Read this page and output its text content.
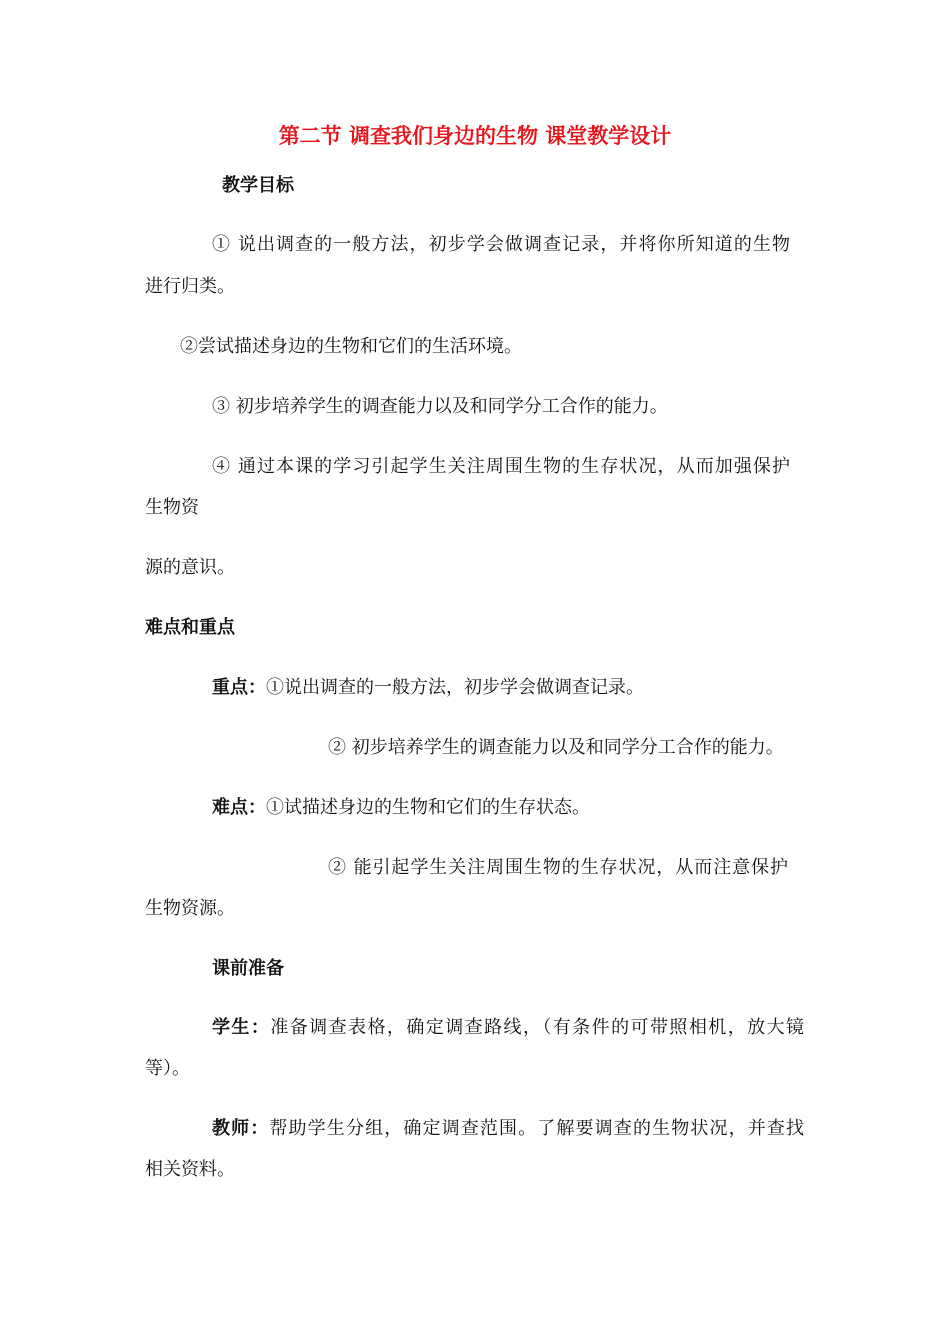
第二节 调查我们身边的生物 课堂教学设计
教学目标
① 说出调查的一般方法，初步学会做调查记录，并将你所知道的生物
进行归类。
②尝试描述身边的生物和它们的生活环境。
③ 初步培养学生的调查能力以及和同学分工合作的能力。
④ 通过本课的学习引起学生关注周围生物的生存状况，从而加强保护
生物资
源的意识。
难点和重点
重点：①说出调查的一般方法，初步学会做调查记录。
② 初步培养学生的调查能力以及和同学分工合作的能力。
难点：①试描述身边的生物和它们的生存状态。
② 能引起学生关注周围生物的生存状况，从而注意保护
生物资源。
课前准备
学生：准备调查表格，确定调查路线，（有条件的可带照相机，放大镜
等）。
教师：帮助学生分组，确定调查范围。了解要调查的生物状况，并查找
相关资料。
